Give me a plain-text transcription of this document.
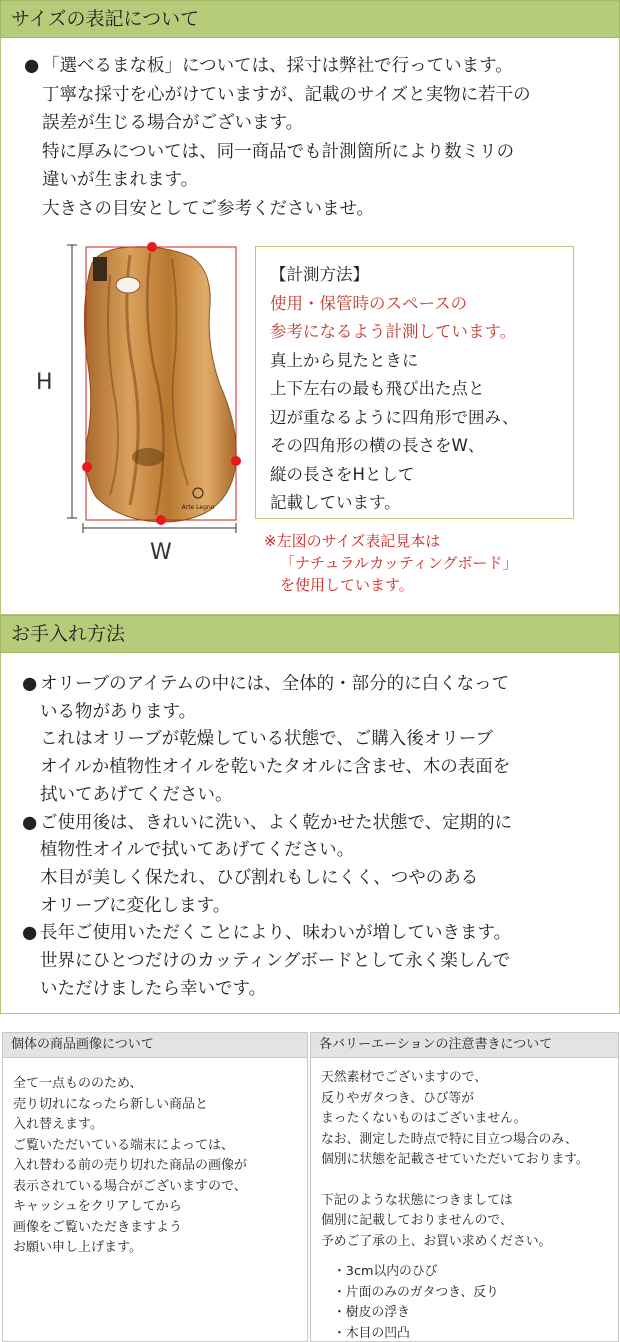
サイズの表記について
● 「選べるまな板」については、採寸は弊社で行っています。
丁寧な採寸を心がけていますが、記載のサイズと実物に若干の
誤差が生じる場合がございます。
特に厚みについては、同一商品でも計測箇所により数ミリの
違いが生まれます。
大きさの目安としてご参考くださいませ。
Arte Legno
H
W
【計測方法】
使用・保管時のスペースの
参考になるよう計測しています。
真上から見たときに
上下左右の最も飛び出た点と
辺が重なるように四角形で囲み、
その四角形の横の長さをW、
縦の長さをHとして
記載しています。
※左図のサイズ表記見本は
「ナチュラルカッティングボード」
を使用しています。
お手入れ方法
● オリーブのアイテムの中には、全体的・部分的に白くなって
いる物があります。
これはオリーブが乾燥している状態で、ご購入後オリーブ
オイルか植物性オイルを乾いたタオルに含ませ、木の表面を
拭いてあげてください。
● ご使用後は、きれいに洗い、よく乾かせた状態で、定期的に
植物性オイルで拭いてあげてください。
木目が美しく保たれ、ひび割れもしにくく、つやのある
オリーブに変化します。
● 長年ご使用いただくことにより、味わいが増していきます。
世界にひとつだけのカッティングボードとして永く楽しんで
いただけましたら幸いです。
個体の商品画像について
全て一点もののため、
売り切れになったら新しい商品と
入れ替えます。
ご覧いただいている端末によっては、
入れ替わる前の売り切れた商品の画像が
表示されている場合がございますので、
キャッシュをクリアしてから
画像をご覧いただきますよう
お願い申し上げます。
各バリーエーションの注意書きについて
天然素材でございますので、
反りやガタつき、ひび等が
まったくないものはございません。
なお、測定した時点で特に目立つ場合のみ、
個別に状態を記載させていただいております。
下記のような状態につきましては
個別に記載しておりませんので、
予めご了承の上、お買い求めください。
・3cm以内のひび
・片面のみのガタつき、反り
・樹皮の浮き
・木目の凹凸
